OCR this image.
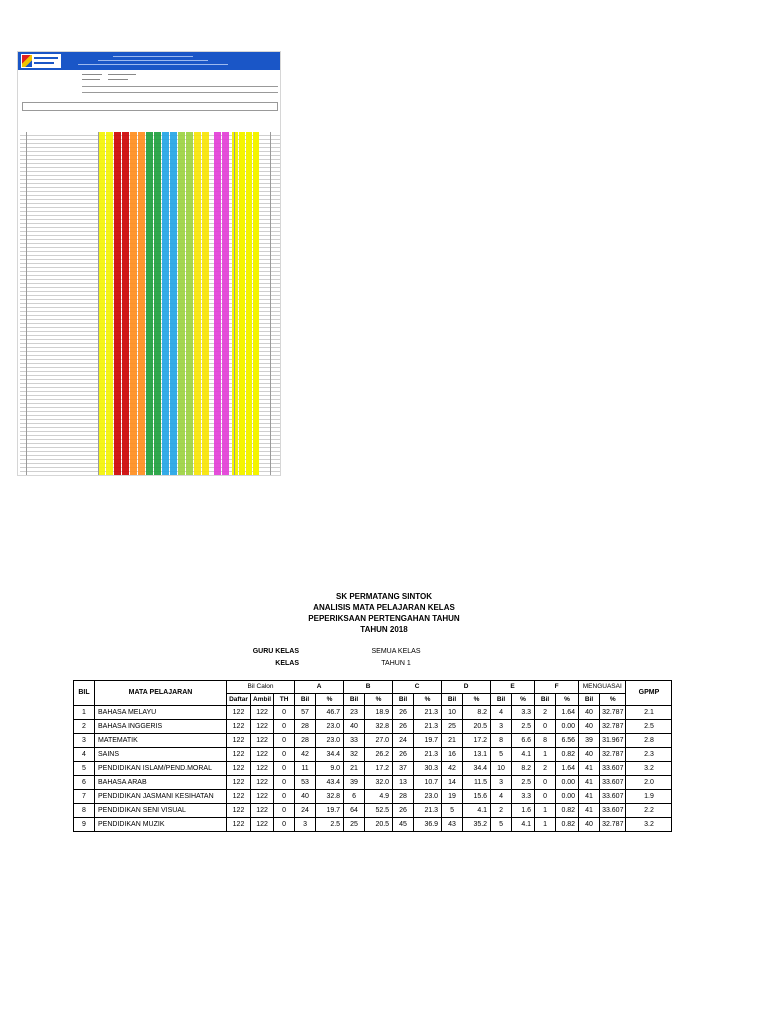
SK PERMATANG SINTOK
ANALISIS MATA PELAJARAN KELAS
PEPERIKSAAN PERTENGAHAN TAHUN
TAHUN 2018
GURU KELAS	SEMUA KELAS
KELAS	TAHUN 1
BIL	MATA PELAJARAN	Bil Calon			A		B		C		D		E		F		MENGUASAI		GPMP
		Daftar	Ambil	TH	Bil	%	Bil	%	Bil	%	Bil	%	Bil	%	Bil	%	Bil	%	
1	BAHASA MELAYU	122	122	0	57	46.7	23	18.9	26	21.3	10	8.2	4	3.3	2	1.64	40	32.787	2.1
2	BAHASA INGGERIS	122	122	0	28	23.0	40	32.8	26	21.3	25	20.5	3	2.5	0	0.00	40	32.787	2.5
3	MATEMATIK	122	122	0	28	23.0	33	27.0	24	19.7	21	17.2	8	6.6	8	6.56	39	31.967	2.8
4	SAINS	122	122	0	42	34.4	32	26.2	26	21.3	16	13.1	5	4.1	1	0.82	40	32.787	2.3
5	PENDIDIKAN ISLAM/PEND.MORAL	122	122	0	11	9.0	21	17.2	37	30.3	42	34.4	10	8.2	2	1.64	41	33.607	3.2
6	BAHASA ARAB	122	122	0	53	43.4	39	32.0	13	10.7	14	11.5	3	2.5	0	0.00	41	33.607	2.0
7	PENDIDIKAN JASMANI KESIHATAN	122	122	0	40	32.8	6	4.9	28	23.0	19	15.6	4	3.3	0	0.00	41	33.607	1.9
8	PENDIDIKAN SENI VISUAL	122	122	0	24	19.7	64	52.5	26	21.3	5	4.1	2	1.6	1	0.82	41	33.607	2.2
9	PENDIDIKAN MUZIK	122	122	0	3	2.5	25	20.5	45	36.9	43	35.2	5	4.1	1	0.82	40	32.787	3.2
